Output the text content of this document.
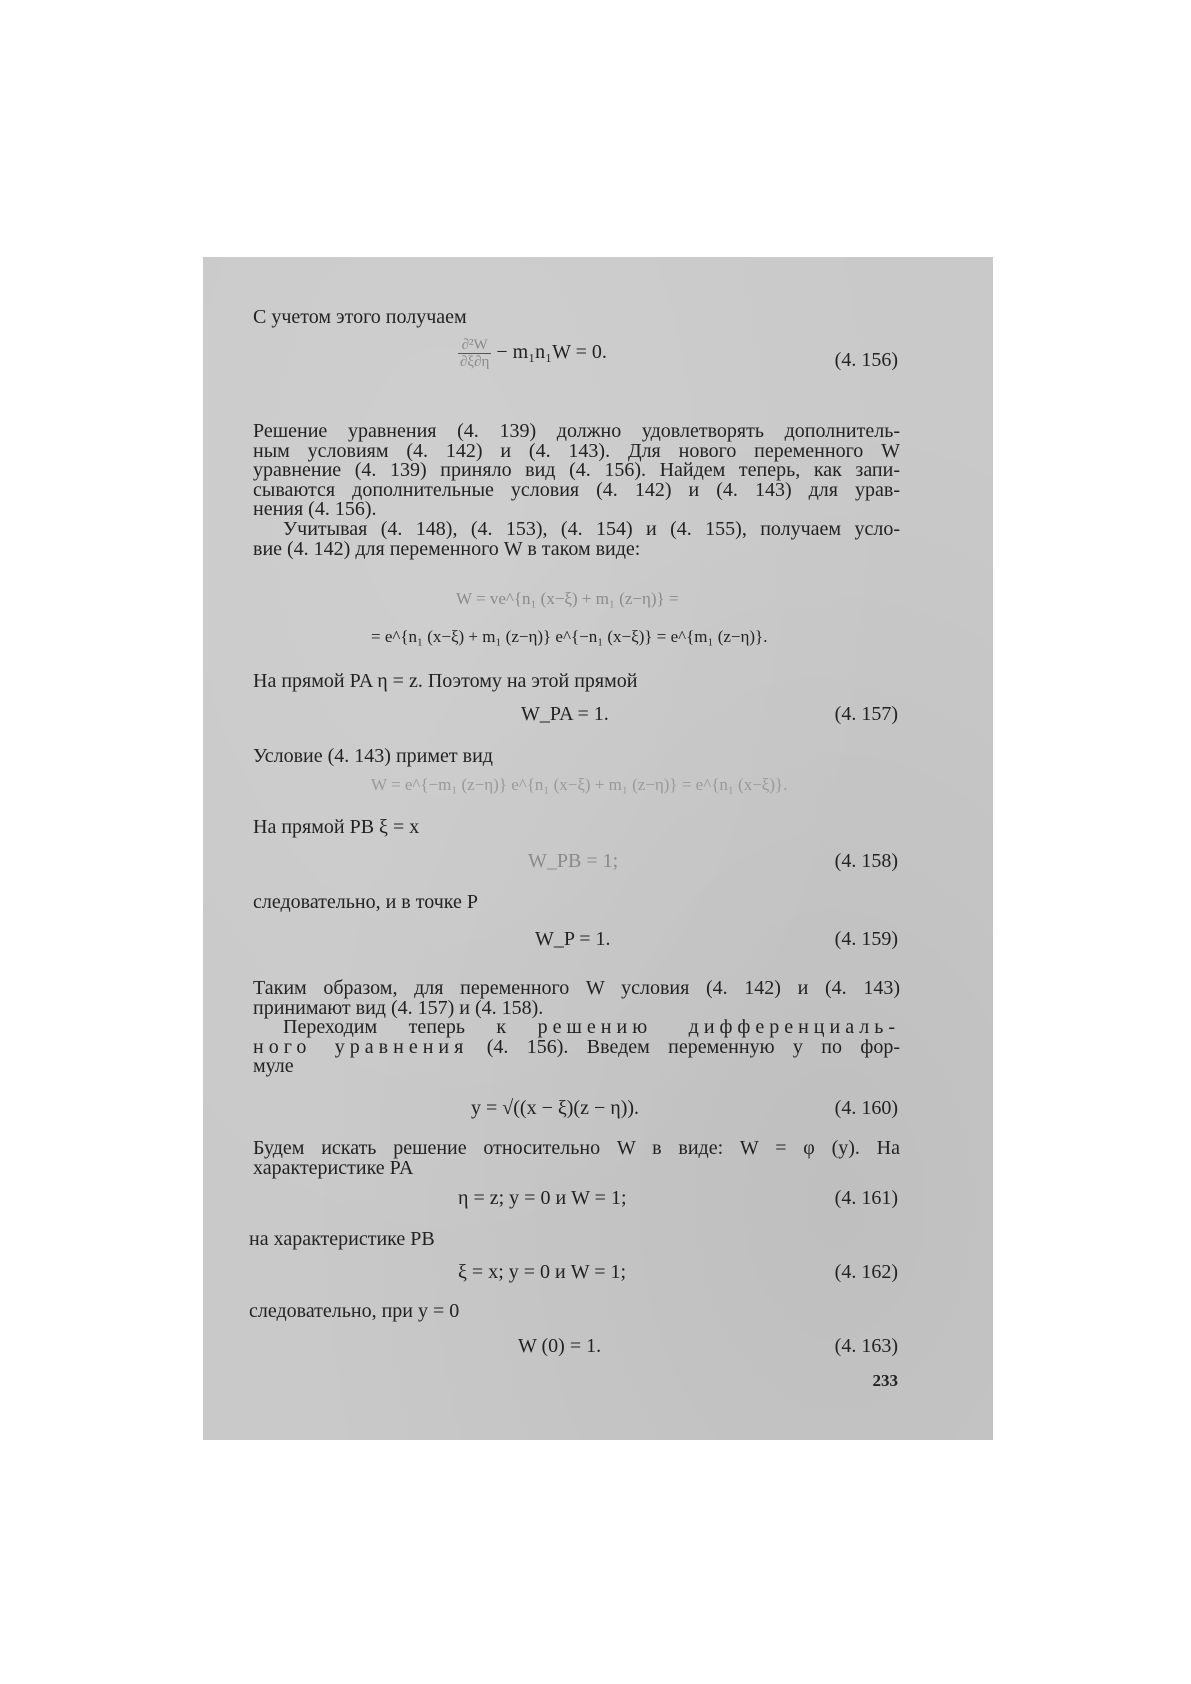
С учетом этого получаем
$\frac{\text{∂²W}}{\partial\xi\partial\eta} - m_1n_1W = 0$.	(4. 156)
Решение уравнения (4. 139) должно удовлетворять дополнитель-
ным условиям (4. 142) и (4. 143). Для нового переменного W
уравнение (4. 139) приняло вид (4. 156). Найдем теперь, как запи-
сываются дополнительные условия (4. 142) и (4. 143) для урав-
нения (4. 156).
Учитывая (4. 148), (4. 153), (4. 154) и (4. 155), получаем усло-
вие (4. 142) для переменного W в таком виде:
W = ve^{n₁ (x−ξ) + m₁ (z−η)} =
= e^{n₁ (x−ξ) + m₁ (z−η)} e^{−n₁ (x−ξ)} = e^{m₁ (z−η)}.
На прямой PA η = z. Поэтому на этой прямой
W_PA = 1.	(4. 157)
Условие (4. 143) примет вид
W = e^{−m₁ (z−η)} e^{n₁ (x−ξ) + m₁ (z−η)} = e^{n₁ (x−ξ)}.
На прямой PB ξ = x
W_PB = 1;	(4. 158)
следовательно, и в точке P
W_P = 1.	(4. 159)
Таким образом, для переменного W условия (4. 142) и (4. 143)
принимают вид (4. 157) и (4. 158).
Переходим теперь к решению дифференциаль-
ного уравнения (4. 156). Введем переменную y по фор-
муле
y = √((x − ξ)(z − η)).	(4. 160)
Будем искать решение относительно W в виде: W = φ (y). На
характеристике PA
η = z; y = 0 и W = 1;	(4. 161)
на характеристике PB
ξ = x; y = 0 и W = 1;	(4. 162)
следовательно, при y = 0
W (0) = 1.	(4. 163)
233
